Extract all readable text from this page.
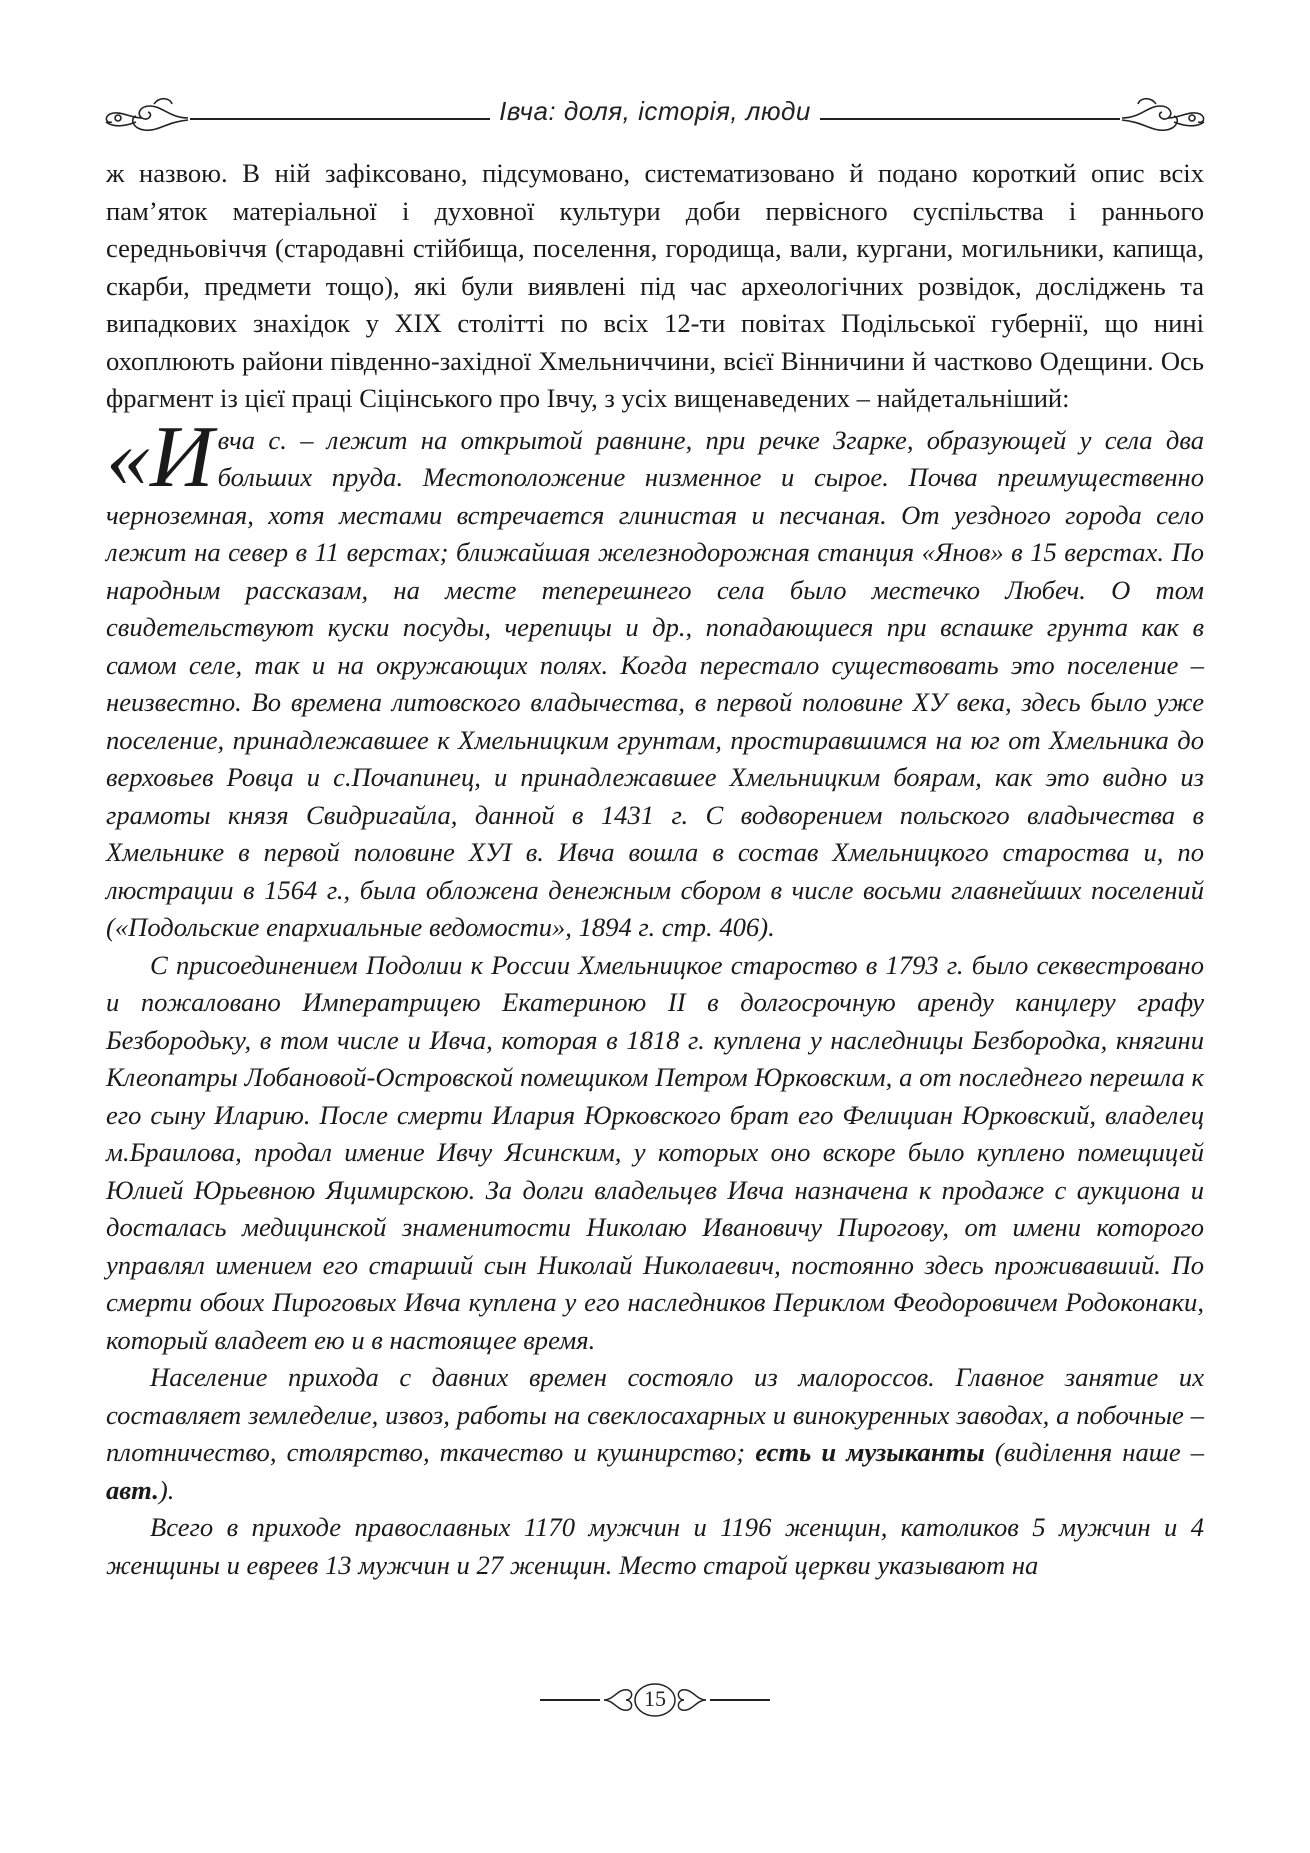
Івча: доля, історія, люди

ж назвою. В ній зафіксовано, підсумовано, систематизовано й подано короткий опис всіх пам’яток матеріальної і духовної культури доби первісного суспільства і раннього середньовіччя (стародавні стійбища, поселення, городища, вали, кургани, могильники, капища, скарби, предмети тощо), які були виявлені під час археологічних розвідок, досліджень та випадкових знахідок у XIX столітті по всіх 12-ти повітах Подільської губернії, що нині охоплюють райони південно-західної Хмельниччини, всієї Вінничини й частково Одещини. Ось фрагмент із цієї праці Сіцінського про Івчу, з усіх вищенаведених – найдетальніший:

«Ивча с. – лежит на открытой равнине, при речке Згарке, образующей у села два больших пруда. Местоположение низменное и сырое. Почва преимущественно черноземная, хотя местами встречается глинистая и песчаная. От уездного города село лежит на север в 11 верстах; ближайшая железнодорожная станция «Янов» в 15 верстах. По народным рассказам, на месте теперешнего села было местечко Любеч. О том свидетельствуют куски посуды, черепицы и др., попадающиеся при вспашке грунта как в самом селе, так и на окружающих полях. Когда перестало существовать это поселение – неизвестно. Во времена литовского владычества, в первой половине XУ века, здесь было уже поселение, принадлежавшее к Хмельницким грунтам, простиравшимся на юг от Хмельника до верховьев Ровца и с.Почапинец, и принадлежавшее Хмельницким боярам, как это видно из грамоты князя Свидригайла, данной в 1431 г. С водворением польского владычества в Хмельнике в первой половине XУI в. Ивча вошла в состав Хмельницкого староства и, по люстрации в 1564 г., была обложена денежным сбором в числе восьми главнейших поселений («Подольские епархиальные ведомости», 1894 г. стр. 406).

С присоединением Подолии к России Хмельницкое староство в 1793 г. было секвестровано и пожаловано Императрицею Екатериною II в долгосрочную аренду канцлеру графу Безбородьку, в том числе и Ивча, которая в 1818 г. куплена у наследницы Безбородка, княгини Клеопатры Лобановой-Островской помещиком Петром Юрковским, а от последнего перешла к его сыну Иларию. После смерти Илария Юрковского брат его Фелициан Юрковский, владелец м.Браилова, продал имение Ивчу Ясинским, у которых оно вскоре было куплено помещицей Юлией Юрьевною Яцимирскою. За долги владельцев Ивча назначена к продаже с аукциона и досталась медицинской знаменитости Николаю Ивановичу Пирогову, от имени которого управлял имением его старший сын Николай Николаевич, постоянно здесь проживавший. По смерти обоих Пироговых Ивча куплена у его наследников Периклом Феодоровичем Родоконаки, который владеет ею и в настоящее время.

Население прихода с давних времен состояло из малороссов. Главное занятие их составляет земледелие, извоз, работы на свеклосахарных и винокуренных заводах, а побочные – плотничество, столярство, ткачество и кушнирство; есть и музыканты (виділення наше –авт.).

Всего в приходе православных 1170 мужчин и 1196 женщин, католиков 5 мужчин и 4 женщины и евреев 13 мужчин и 27 женщин. Место старой церкви указывают на

15
